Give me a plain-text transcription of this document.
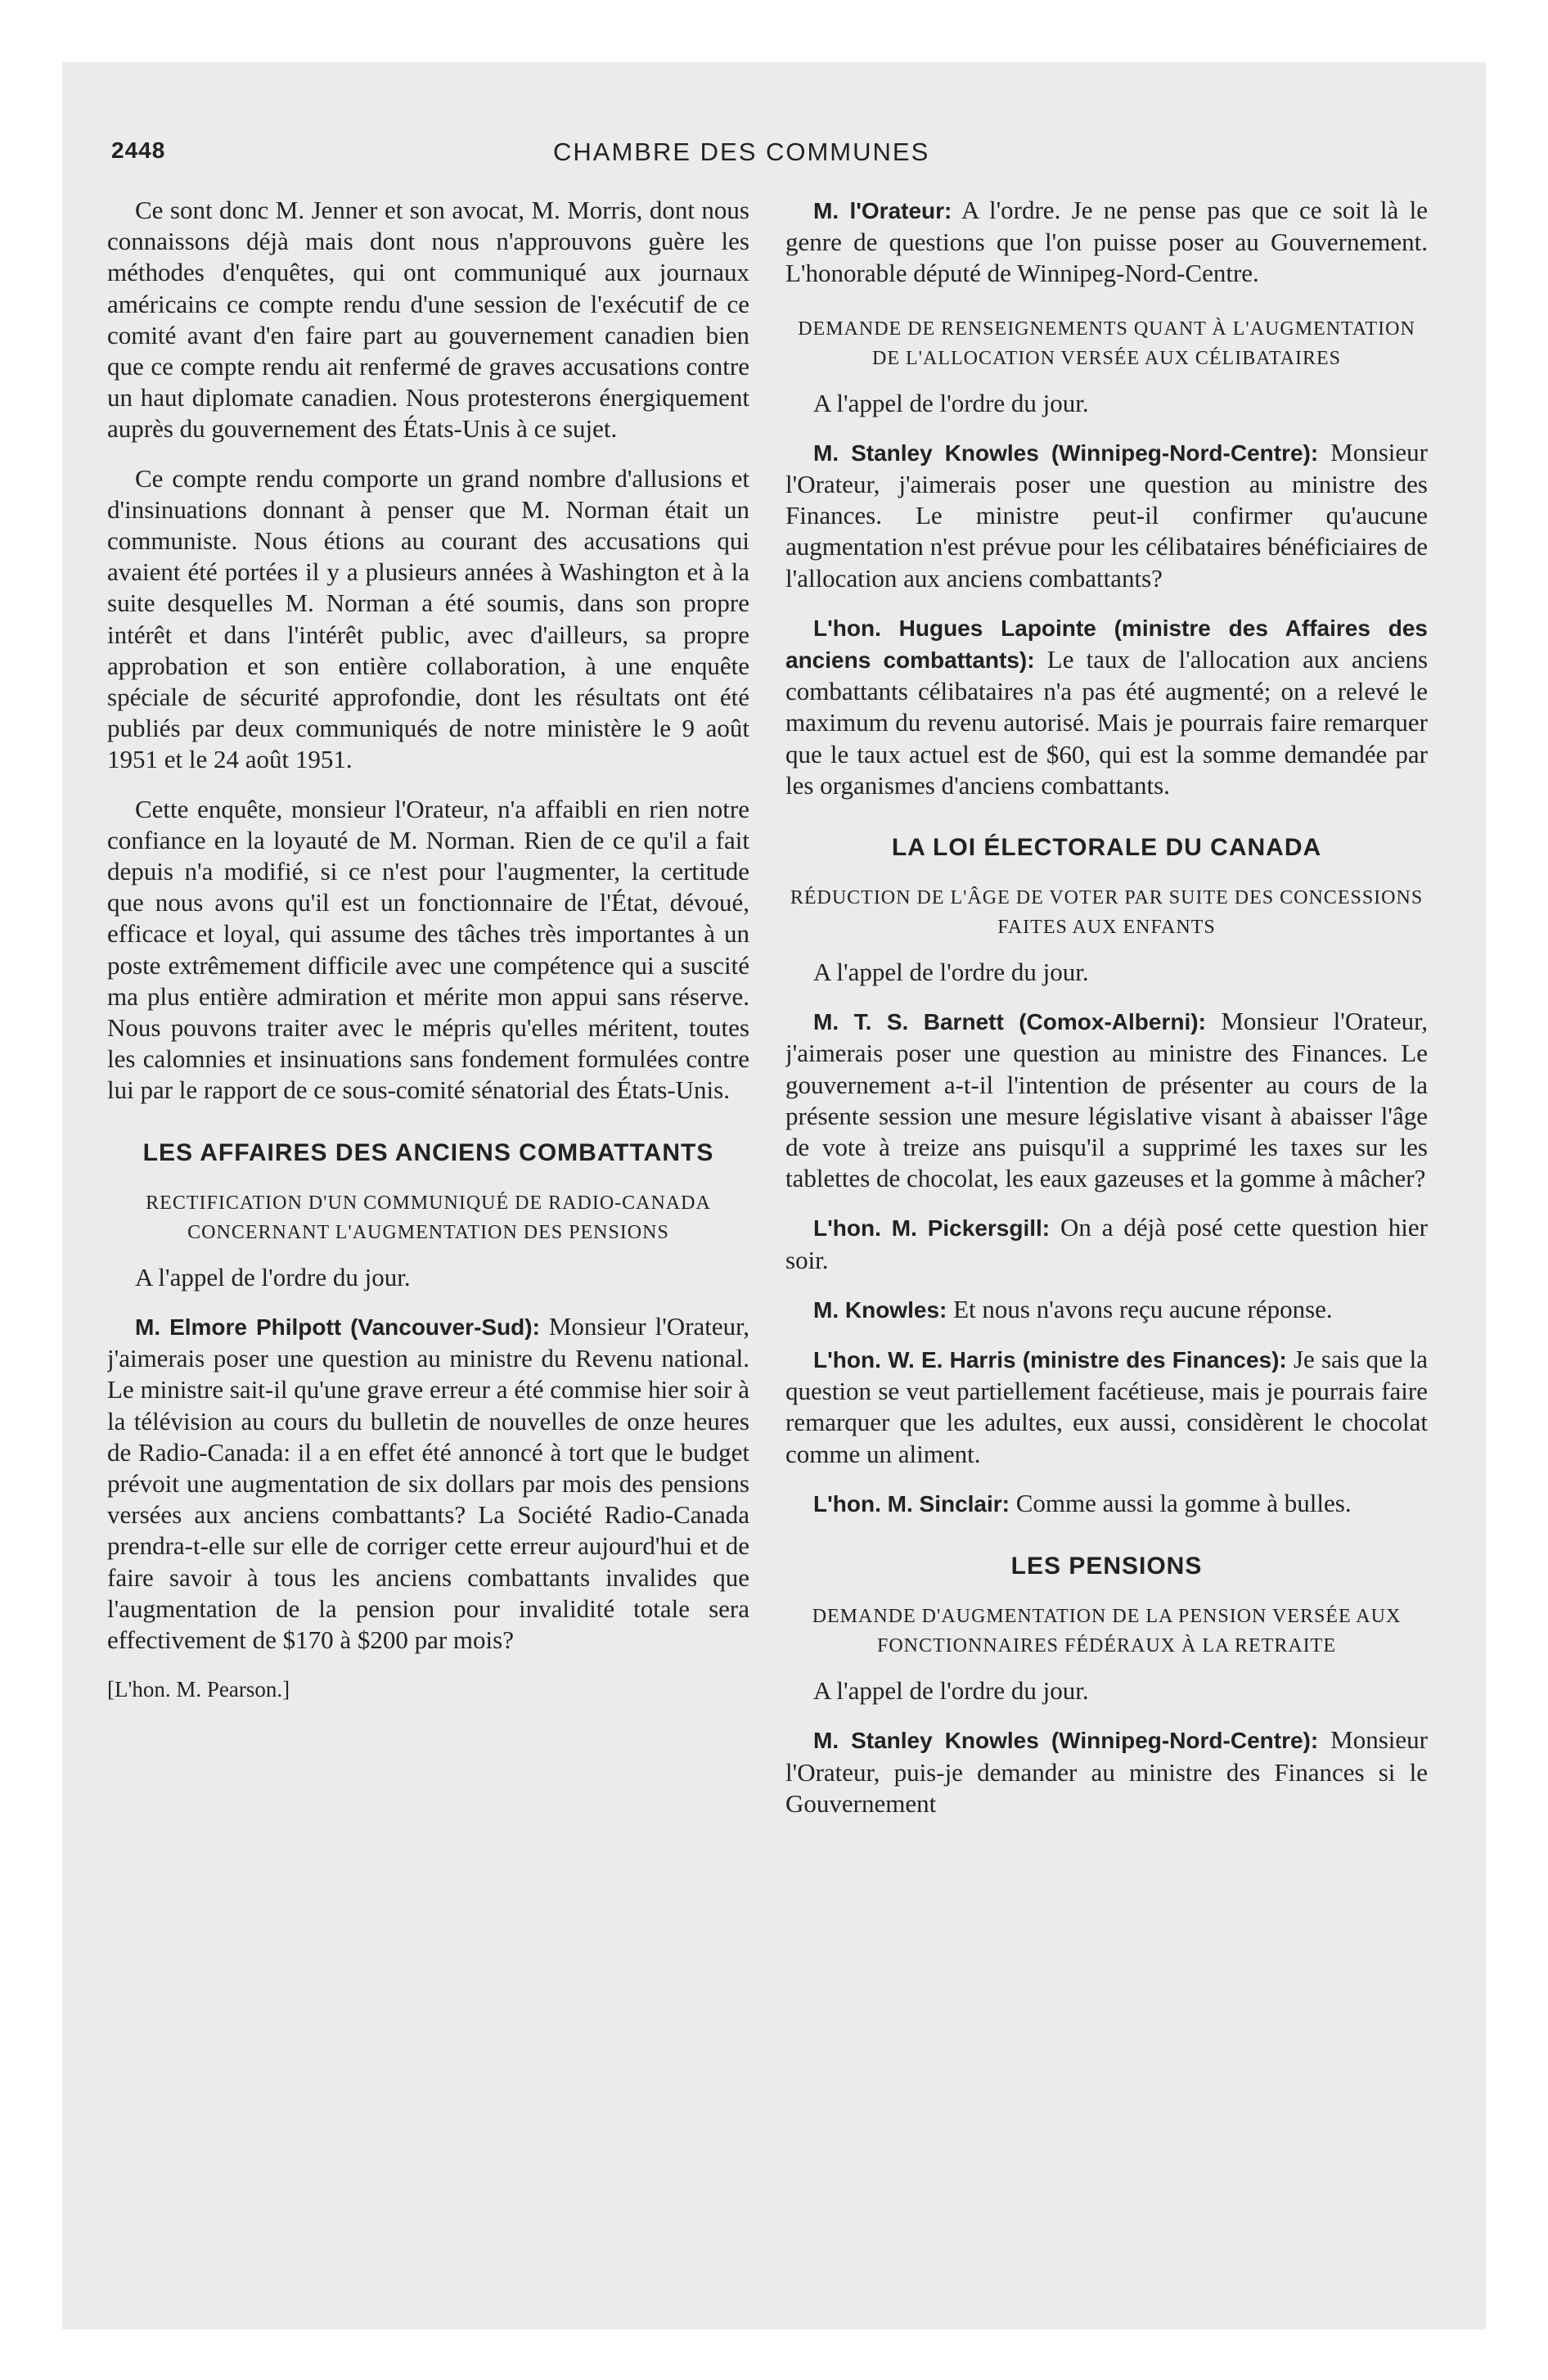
2448	CHAMBRE DES COMMUNES

Ce sont donc M. Jenner et son avocat, M. Morris, dont nous connaissons déjà mais dont nous n'approuvons guère les méthodes d'enquêtes, qui ont communiqué aux journaux américains ce compte rendu d'une session de l'exécutif de ce comité avant d'en faire part au gouvernement canadien bien que ce compte rendu ait renfermé de graves accusations contre un haut diplomate canadien. Nous protesterons énergiquement auprès du gouvernement des États-Unis à ce sujet.

Ce compte rendu comporte un grand nombre d'allusions et d'insinuations donnant à penser que M. Norman était un communiste. Nous étions au courant des accusations qui avaient été portées il y a plusieurs années à Washington et à la suite desquelles M. Norman a été soumis, dans son propre intérêt et dans l'intérêt public, avec d'ailleurs, sa propre approbation et son entière collaboration, à une enquête spéciale de sécurité approfondie, dont les résultats ont été publiés par deux communiqués de notre ministère le 9 août 1951 et le 24 août 1951.

Cette enquête, monsieur l'Orateur, n'a affaibli en rien notre confiance en la loyauté de M. Norman. Rien de ce qu'il a fait depuis n'a modifié, si ce n'est pour l'augmenter, la certitude que nous avons qu'il est un fonctionnaire de l'État, dévoué, efficace et loyal, qui assume des tâches très importantes à un poste extrêmement difficile avec une compétence qui a suscité ma plus entière admiration et mérite mon appui sans réserve. Nous pouvons traiter avec le mépris qu'elles méritent, toutes les calomnies et insinuations sans fondement formulées contre lui par le rapport de ce sous-comité sénatorial des États-Unis.

LES AFFAIRES DES ANCIENS COMBATTANTS
RECTIFICATION D'UN COMMUNIQUÉ DE RADIO-CANADA CONCERNANT L'AUGMENTATION DES PENSIONS

A l'appel de l'ordre du jour.

M. Elmore Philpott (Vancouver-Sud): Monsieur l'Orateur, j'aimerais poser une question au ministre du Revenu national. Le ministre sait-il qu'une grave erreur a été commise hier soir à la télévision au cours du bulletin de nouvelles de onze heures de Radio-Canada: il a en effet été annoncé à tort que le budget prévoit une augmentation de six dollars par mois des pensions versées aux anciens combattants? La Société Radio-Canada prendra-t-elle sur elle de corriger cette erreur aujourd'hui et de faire savoir à tous les anciens combattants invalides que l'augmentation de la pension pour invalidité totale sera effectivement de $170 à $200 par mois?

[L'hon. M. Pearson.]

M. l'Orateur: A l'ordre. Je ne pense pas que ce soit là le genre de questions que l'on puisse poser au Gouvernement. L'honorable député de Winnipeg-Nord-Centre.

DEMANDE DE RENSEIGNEMENTS QUANT À L'AUGMENTATION DE L'ALLOCATION VERSÉE AUX CÉLIBATAIRES

A l'appel de l'ordre du jour.

M. Stanley Knowles (Winnipeg-Nord-Centre): Monsieur l'Orateur, j'aimerais poser une question au ministre des Finances. Le ministre peut-il confirmer qu'aucune augmentation n'est prévue pour les célibataires bénéficiaires de l'allocation aux anciens combattants?

L'hon. Hugues Lapointe (ministre des Affaires des anciens combattants): Le taux de l'allocation aux anciens combattants célibataires n'a pas été augmenté; on a relevé le maximum du revenu autorisé. Mais je pourrais faire remarquer que le taux actuel est de $60, qui est la somme demandée par les organismes d'anciens combattants.

LA LOI ÉLECTORALE DU CANADA
RÉDUCTION DE L'ÂGE DE VOTER PAR SUITE DES CONCESSIONS FAITES AUX ENFANTS

A l'appel de l'ordre du jour.

M. T. S. Barnett (Comox-Alberni): Monsieur l'Orateur, j'aimerais poser une question au ministre des Finances. Le gouvernement a-t-il l'intention de présenter au cours de la présente session une mesure législative visant à abaisser l'âge de vote à treize ans puisqu'il a supprimé les taxes sur les tablettes de chocolat, les eaux gazeuses et la gomme à mâcher?

L'hon. M. Pickersgill: On a déjà posé cette question hier soir.

M. Knowles: Et nous n'avons reçu aucune réponse.

L'hon. W. E. Harris (ministre des Finances): Je sais que la question se veut partiellement facétieuse, mais je pourrais faire remarquer que les adultes, eux aussi, considèrent le chocolat comme un aliment.

L'hon. M. Sinclair: Comme aussi la gomme à bulles.

LES PENSIONS
DEMANDE D'AUGMENTATION DE LA PENSION VERSÉE AUX FONCTIONNAIRES FÉDÉRAUX À LA RETRAITE

A l'appel de l'ordre du jour.

M. Stanley Knowles (Winnipeg-Nord-Centre): Monsieur l'Orateur, puis-je demander au ministre des Finances si le Gouvernement
